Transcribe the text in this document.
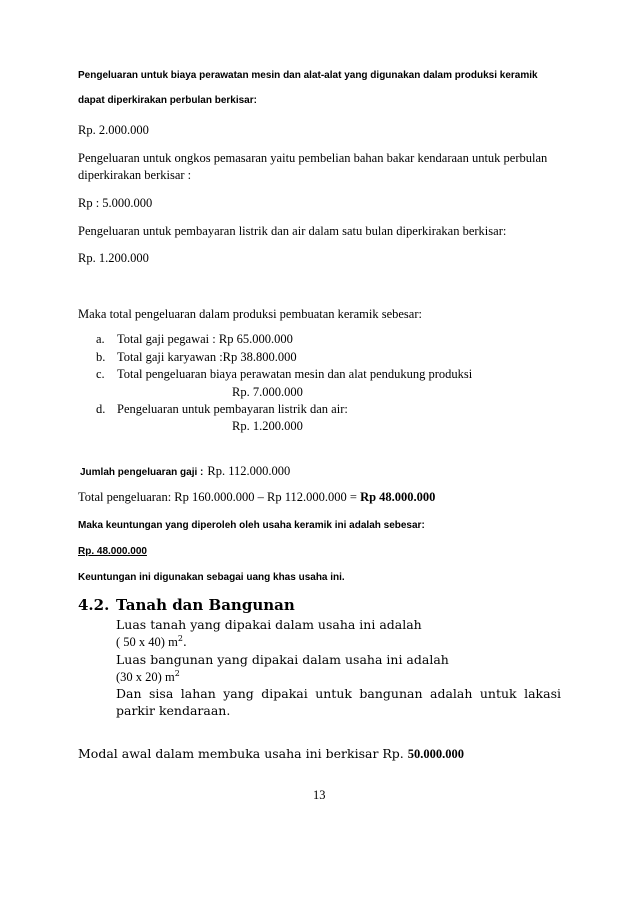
Pengeluaran untuk biaya perawatan mesin dan alat-alat yang digunakan dalam produksi keramik
dapat diperkirakan perbulan berkisar:
Rp. 2.000.000
Pengeluaran untuk ongkos pemasaran yaitu pembelian bahan bakar kendaraan untuk perbulan
diperkirakan berkisar :
Rp : 5.000.000
Pengeluaran untuk pembayaran listrik dan air dalam satu bulan diperkirakan berkisar:
Rp. 1.200.000
Maka total pengeluaran dalam produksi pembuatan keramik sebesar:
a. Total gaji pegawai : Rp 65.000.000
b. Total gaji karyawan :Rp 38.800.000
c. Total pengeluaran biaya perawatan mesin dan alat pendukung produksi
Rp. 7.000.000
d. Pengeluaran untuk pembayaran listrik dan air:
Rp. 1.200.000
Jumlah pengeluaran gaji : Rp. 112.000.000
Total pengeluaran: Rp 160.000.000 – Rp 112.000.000 = Rp 48.000.000
Maka keuntungan yang diperoleh oleh usaha keramik ini adalah sebesar:
Rp. 48.000.000
Keuntungan ini digunakan sebagai uang khas usaha ini.
4.2. Tanah dan Bangunan
Luas tanah yang dipakai dalam usaha ini adalah
( 50 x 40) $m^2$.
Luas bangunan yang dipakai dalam usaha ini adalah
(30 x 20) $m^2$
Dan sisa lahan yang dipakai untuk bangunan adalah untuk lakasi parkir kendaraan.
Modal awal dalam membuka usaha ini berkisar Rp. 50.000.000
13
